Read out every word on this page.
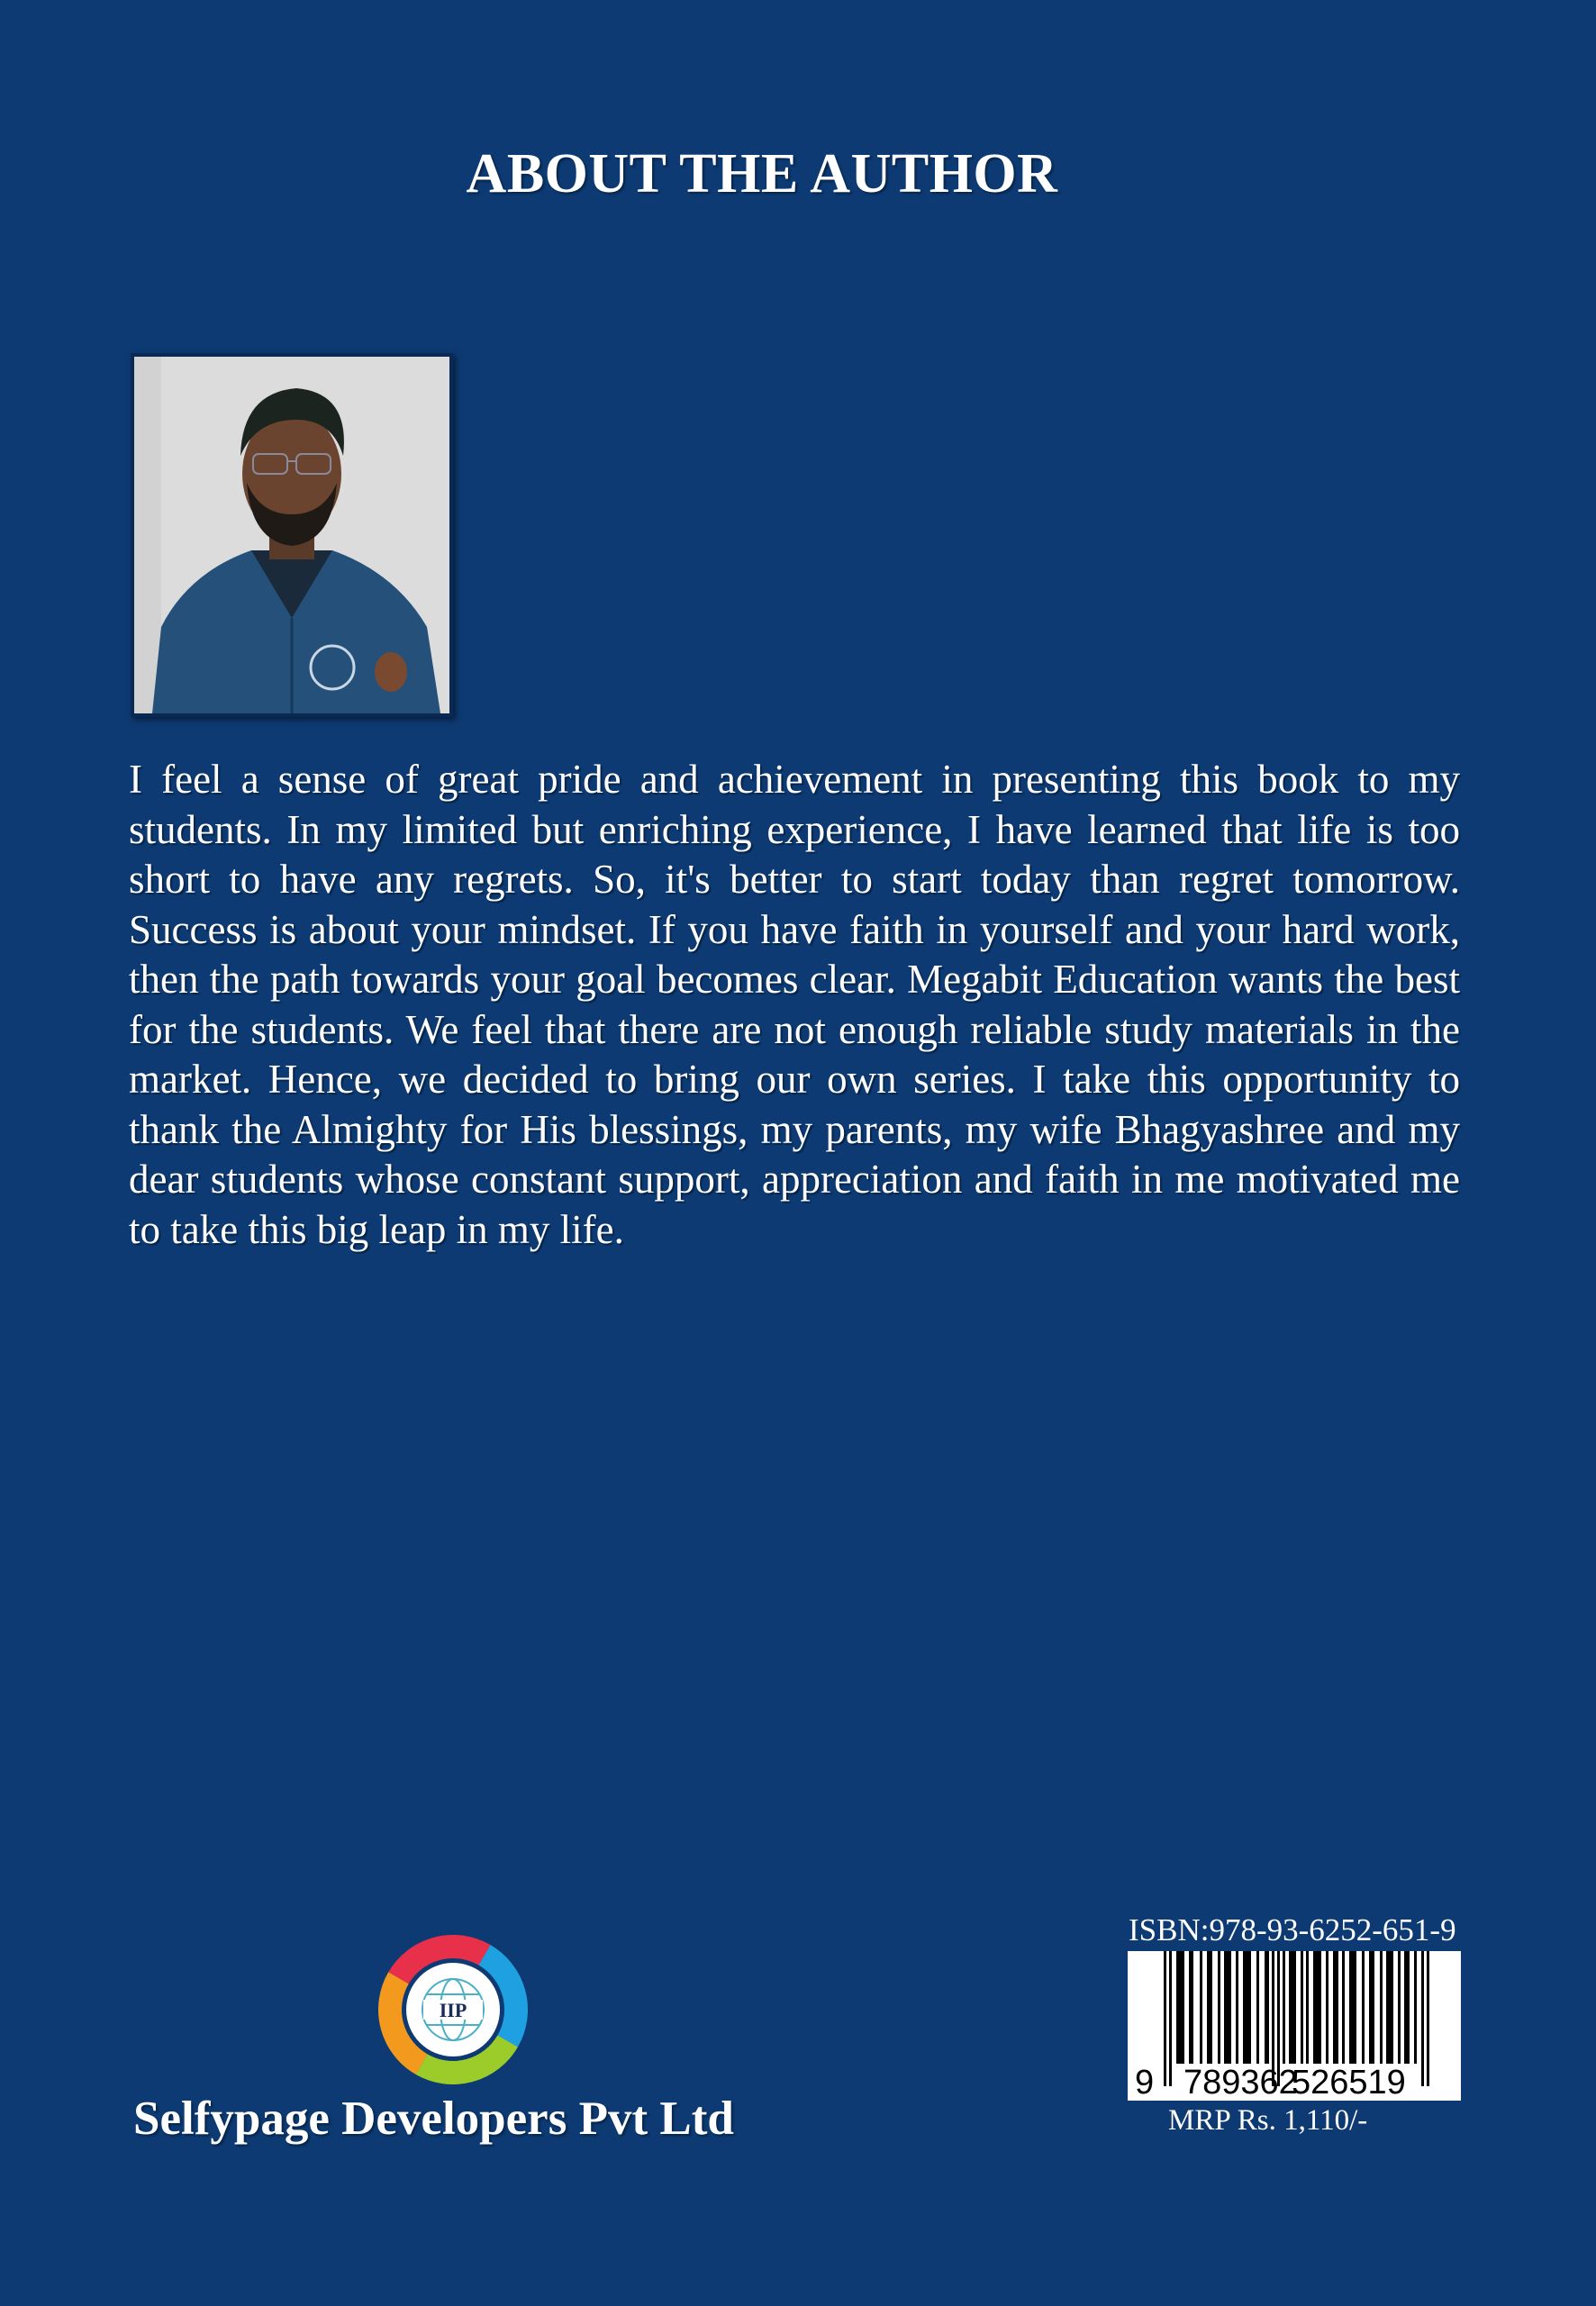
ABOUT THE AUTHOR
I feel a sense of great pride and achievement in presenting this book to my students. In my limited but enriching experience, I have learned that life is too short to have any regrets. So, it's better to start today than regret tomorrow. Success is about your mindset. If you have faith in yourself and your hard work, then the path towards your goal becomes clear. Megabit Education wants the best for the students. We feel that there are not enough reliable study materials in the market. Hence, we decided to bring our own series. I take this opportunity to thank the Almighty for His blessings, my parents, my wife Bhagyashree and my dear students whose constant support, appreciation and faith in me motivated me to take this big leap in my life.
IIP
Selfypage Developers Pvt Ltd
ISBN:978-93-6252-651-9
9 789362
526519
MRP Rs. 1,110/-
